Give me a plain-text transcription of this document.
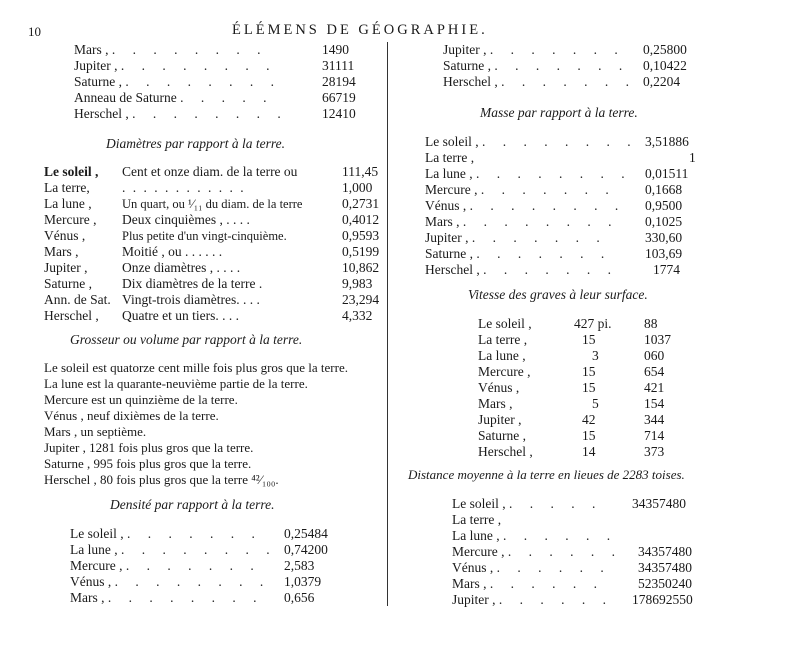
10	ÉLÉMENS DE GÉOGRAPHIE.
Mars , . . . . . . . .	1490
Jupiter , . . . . . . . .	31111
Saturne , . . . . . . . .	28194
Anneau de Saturne . . . . .	66719
Herschel , . . . . . . . .	12410
Diamètres par rapport à la terre.
Le soleil , Cent et onze diam. de la terre ou	111,45
La terre, . . . . . . . . . . . .	1,000
La lune , Un quart, ou ¹⁄₁₁ du diam. de la terre	0,2731
Mercure , Deux cinquièmes , . . . .	0,4012
Vénus ,	Plus petite d'un vingt-cinquième.	0,9593
Mars ,	Moitié , ou . . . . . .	0,5199
Jupiter ,	Onze diamètres , . . . .	10,862
Saturne , Dix diamètres de la terre .	9,983
Ann. de Sat. Vingt-trois diamètres. . . .	23,294
Herschel , Quatre et un tiers. . . .	4,332
Grosseur ou volume par rapport à la terre.
Le soleil est quatorze cent mille fois plus gros que la terre.
La lune est la quarante-neuvième partie de la terre.
Mercure est un quinzième de la terre.
Vénus , neuf dixièmes de la terre.
Mars , un septième.
Jupiter , 1281 fois plus gros que la terre.
Saturne , 995 fois plus gros que la terre.
Herschel , 80 fois plus gros que la terre ⁴²⁄₁₀₀.
Densité par rapport à la terre.
Le soleil , . . . . . . . 0,25484
La lune , . . . . . . . . 0,74200
Mercure , . . . . . . . 2,583
Vénus , . . . . . . . . 1,0379
Mars , . . . . . . . . 0,656
Jupiter , . . . . . . . 0,25800
Saturne , . . . . . . . 0,10422
Herschel , . . . . . . . 0,2204
Masse par rapport à la terre.
Le soleil , . . . . . . . . 3,51886
La terre ,	1
La lune , . . . . . . . . 0,01511
Mercure , . . . . . . . 0,1668
Vénus , . . . . . . . . 0,9500
Mars , . . . . . . . . 0,1025
Jupiter , . . . . . . .	330,60
Saturne , . . . . . . .	103,69
Herschel , . . . . . . .	1774
Vitesse des graves à leur surface.
Le soleil ,	427 pi. 88
La terre ,	15	1037
La lune ,	3	060
Mercure ,	15	654
Vénus ,	15	421
Mars ,	5	154
Jupiter ,	42	344
Saturne ,	15	714
Herschel ,	14	373
Distance moyenne à la terre en lieues de 2283 toises.
Le soleil , . . . . . 34357480
La terre ,
La lune , . . . . . .
Mercure , . . . . . . 34357480
Vénus , . . . . . . 34357480
Mars , . . . . . .	52350240
Jupiter , . . . . . . 178692550
